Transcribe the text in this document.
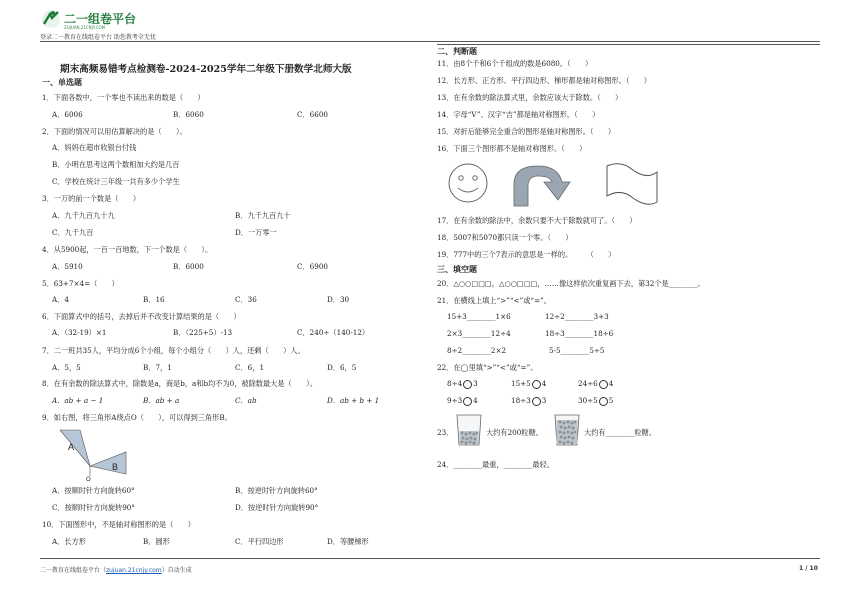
二一组卷平台
ZUJUAN.21CNJY.COM
登录二一教育在线组卷平台 助您教考全无忧
期末高频易错考点检测卷-2024-2025学年二年级下册数学北师大版
一、单选题
1．下面各数中，一个零也不读出来的数是（　　）
A．6006	B．6060	C．6600
2．下面的情况可以用估算解决的是（　　）。
A．妈妈在超市收银台付钱
B．小明在思考这两个数相加大约是几百
C．学校在统计三年级一共有多少个学生
3．一万的前一个数是（　　）
A．九千九百九十九	B．九千九百九十
C．九千九百	D．一万零一
4．从5900起，一百一百地数，下一个数是（　　）。
A．5910	B．6000	C．6900
5．63+7×4=（　　）
A．4	B．16	C．36	D．30
6．下面算式中的括号，去掉后并不改变计算结果的是（　　）
A．（32-19）×1	B．（225+5）-13	C．240÷（140-12）
7．二一班共35人，平均分成6个小组，每个小组分（　　）人，还剩（　　）人。
A．5，5	B．7，1	C．6，1	D．6，5
8．在有余数的除法算式中，除数是a，商是b，a和b均不为0，被除数最大是（　　）。
A．ab + a − 1	B．ab + a	C．ab	D．ab + b + 1
9．如右图，将三角形A绕点O（　　），可以得到三角形B。
A
B
O
A．按顺时针方向旋转60°	B．按逆时针方向旋转60°
C．按顺时针方向旋转90°	D．按逆时针方向旋转90°
10．下面图形中，不是轴对称图形的是（　　）
A．长方形	B．圆形	C．平行四边形	D．等腰梯形
二、判断题
11．由8个千和6个千组成的数是6080。（　　）
12．长方形、正方形、平行四边形、梯形都是轴对称图形。（　　）
13．在有余数的除法算式里，余数应该大于除数。（　　）
14．字母“V”、汉字“吉”都是轴对称图形。（　　）
15．对折后能够完全重合的图形是轴对称图形。（　　）
16．下面三个图形都不是轴对称图形。（　　）
17．在有余数的除法中，余数只要不大于除数就可了。（　　）
18．5007和5070都只读一个零。（　　）
19．777中的三个7表示的意思是一样的。　　　（　　）
三、填空题
20．△○○□□□，△○○□□□，……像这样依次重复画下去，第32个是________。
21．在横线上填上“>”“<”或“=”。
15+3________1×6	12÷2________3+3
2×3________12÷4	18÷3________18÷6
8÷2________2×2	5-5________5÷5
22．在◯里填“>”“<”或“=”。
8÷4 3	15+5 4	24÷6 4
9÷3 4	18÷3 3	30÷5 5
23．	大约有200粒糖。	大约有________粒糖。
24．________最重，________最轻。
二一教育在线组卷平台（zujuan.21cnjy.com）自动生成	1 / 10
